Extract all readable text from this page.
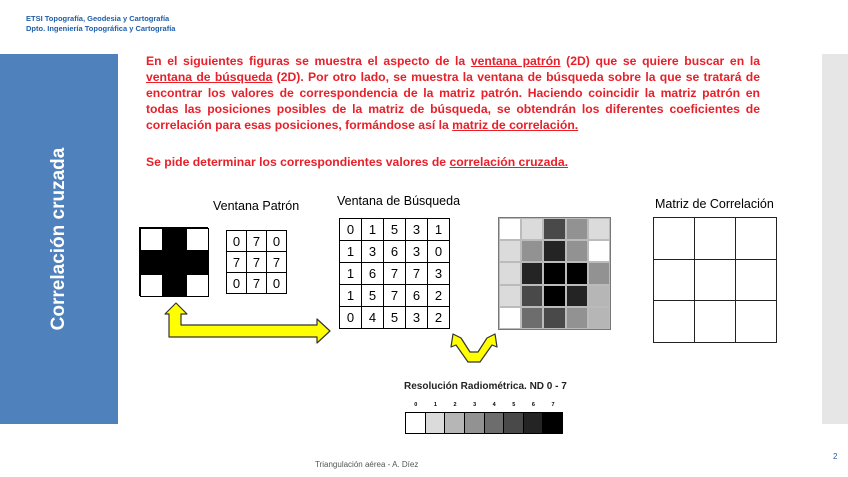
ETSI Topografía, Geodesia y Cartografía
Dpto. Ingeniería Topográfica y Cartografía
Correlación cruzada
En el siguientes figuras se muestra el aspecto de la ventana patrón (2D) que se quiere buscar en la ventana de búsqueda (2D). Por otro lado, se muestra la ventana de búsqueda sobre la que se tratará de encontrar los valores de correspondencia de la matriz patrón. Haciendo coincidir la matriz patrón en todas las posiciones posibles de la matriz de búsqueda, se obtendrán los diferentes coeficientes de correlación para esas posiciones, formándose así la matriz de correlación.
Se pide determinar los correspondientes valores de correlación cruzada.
Ventana Patrón	Ventana de Búsqueda	Matriz de Correlación
0	7	0
7	7	7
0	7	0
0	1	5	3	1
1	3	6	3	0
1	6	7	7	3
1	5	7	6	2
0	4	5	3	2

Resolución Radiométrica. ND 0 - 7
0	1	2	3	4	5	6	7
Triangulación aérea - A. Díez
2
